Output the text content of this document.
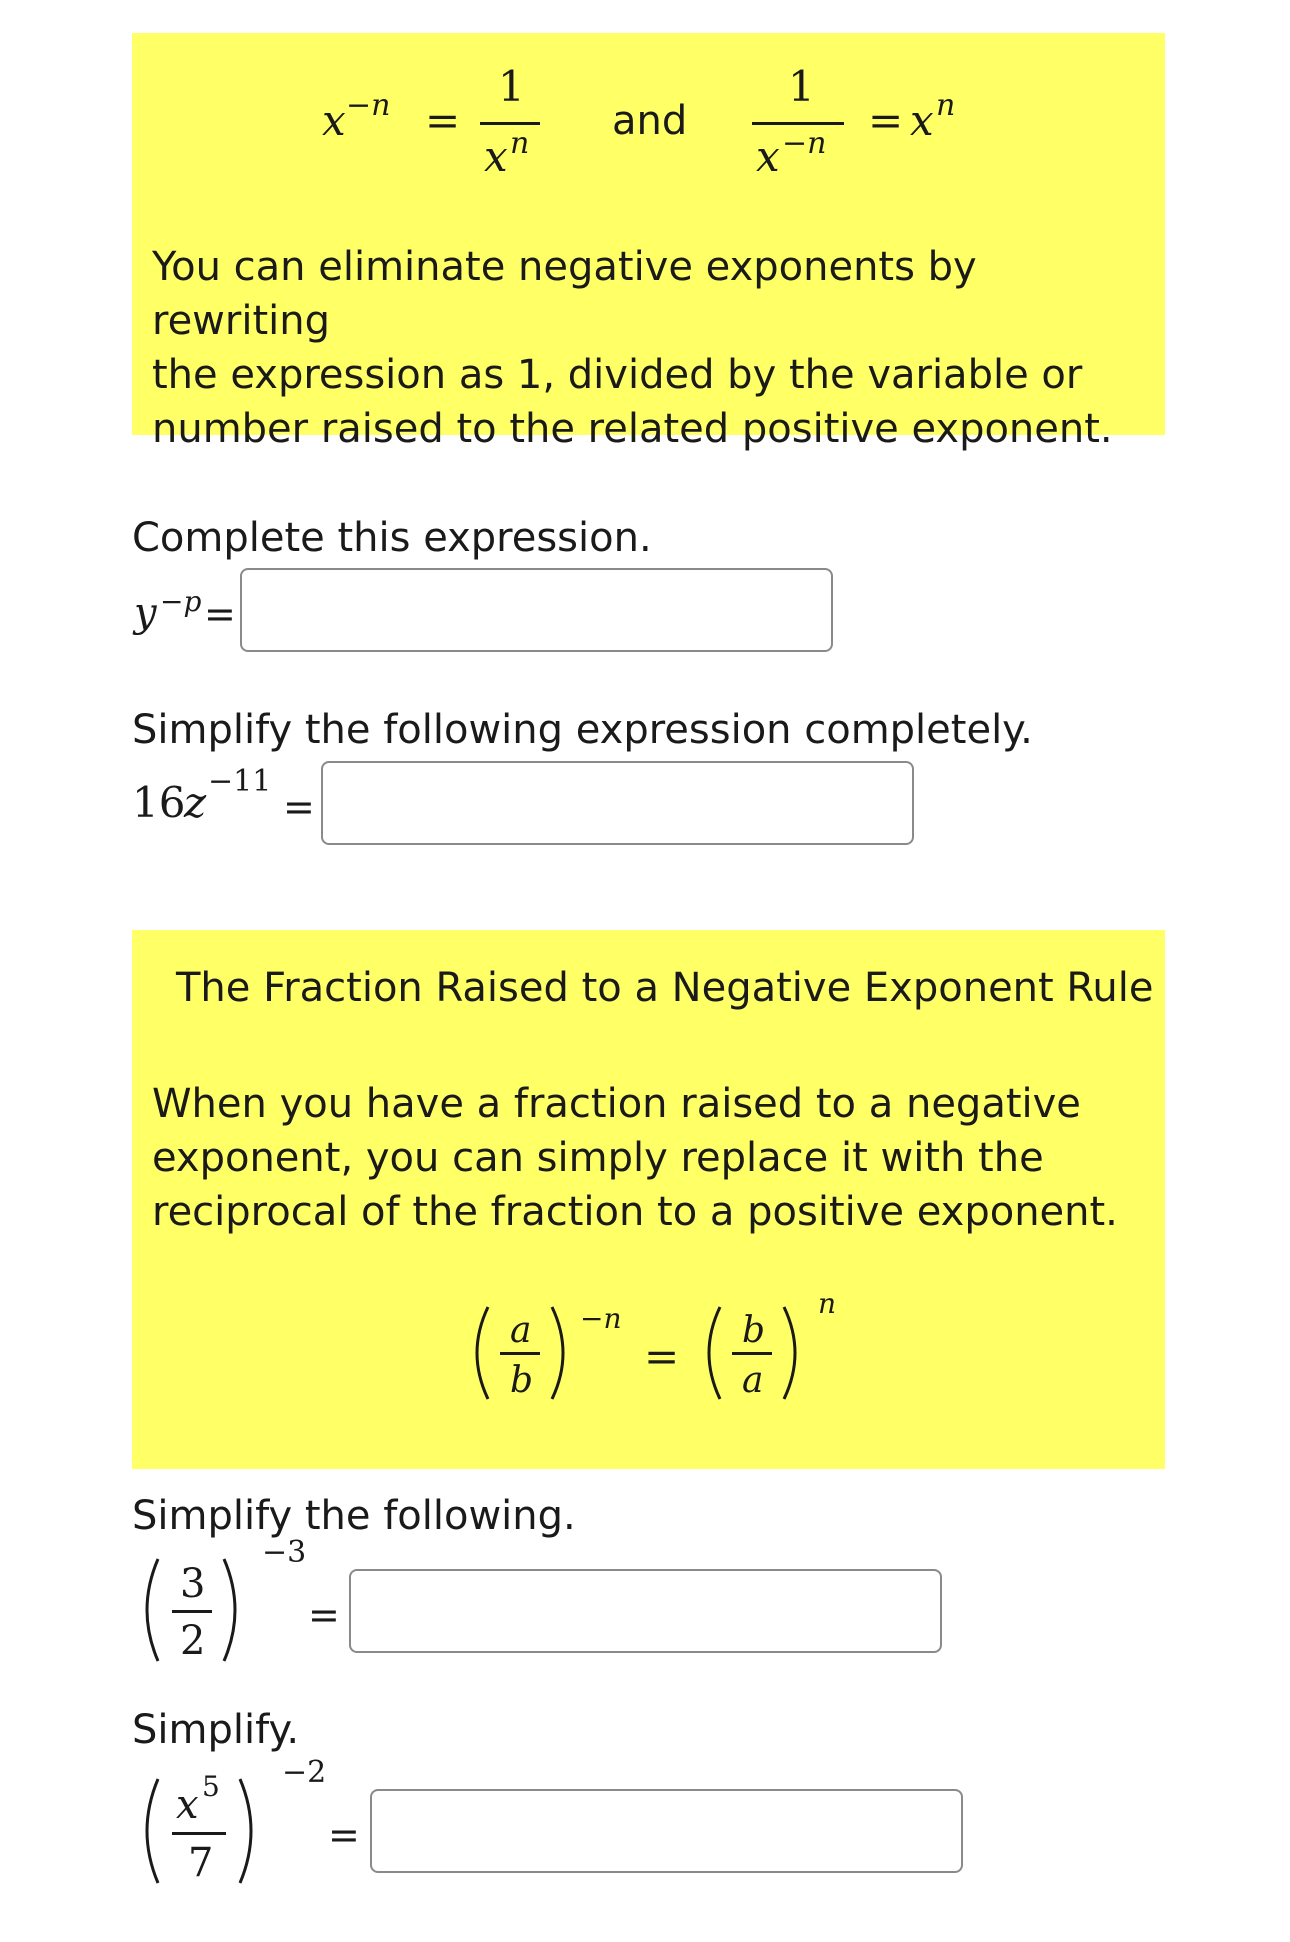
x −n =
1
x n and
1
x −n = x n
You can eliminate negative exponents by rewriting
the expression as 1, divided by the variable or
number raised to the related positive exponent.
Complete this expression.
y −p =
Simplify the following expression completely.
16
z −11
=
The Fraction Raised to a Negative Exponent Rule
When you have a fraction raised to a negative
exponent, you can simply replace it with the
reciprocal of the fraction to a positive exponent.
a
b
−n
=
b
a
n
Simplify the following.
3
2
−3
=
Simplify.
x 5
7
−2
=
